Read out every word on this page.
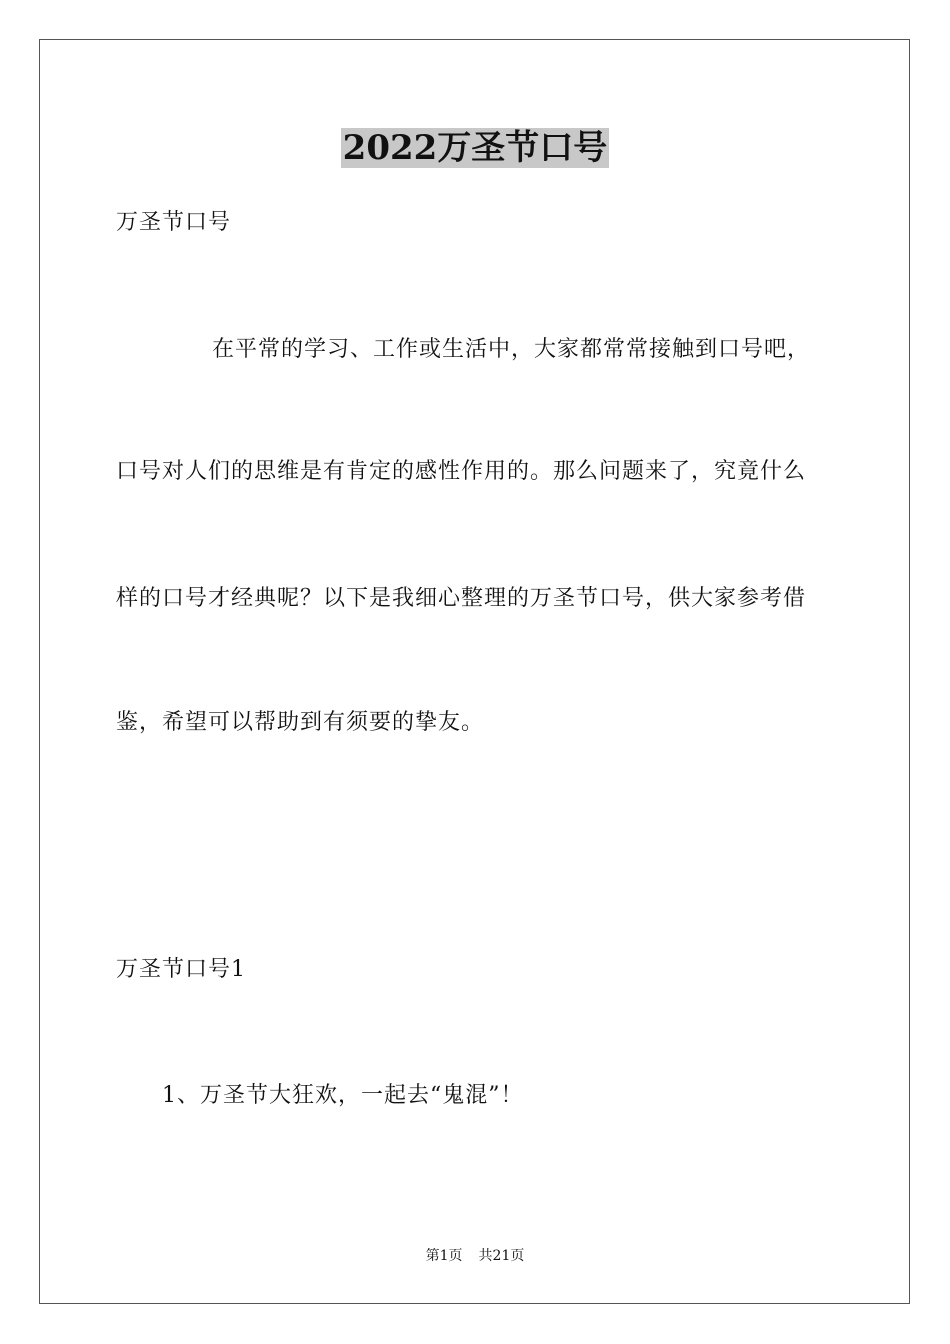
2022万圣节口号
万圣节口号
在平常的学习、工作或生活中，大家都常常接触到口号吧，
口号对人们的思维是有肯定的感性作用的。那么问题来了，究竟什么
样的口号才经典呢？以下是我细心整理的万圣节口号，供大家参考借
鉴，希望可以帮助到有须要的挚友。
万圣节口号1
1、万圣节大狂欢，一起去“鬼混”！
第1页 共21页
